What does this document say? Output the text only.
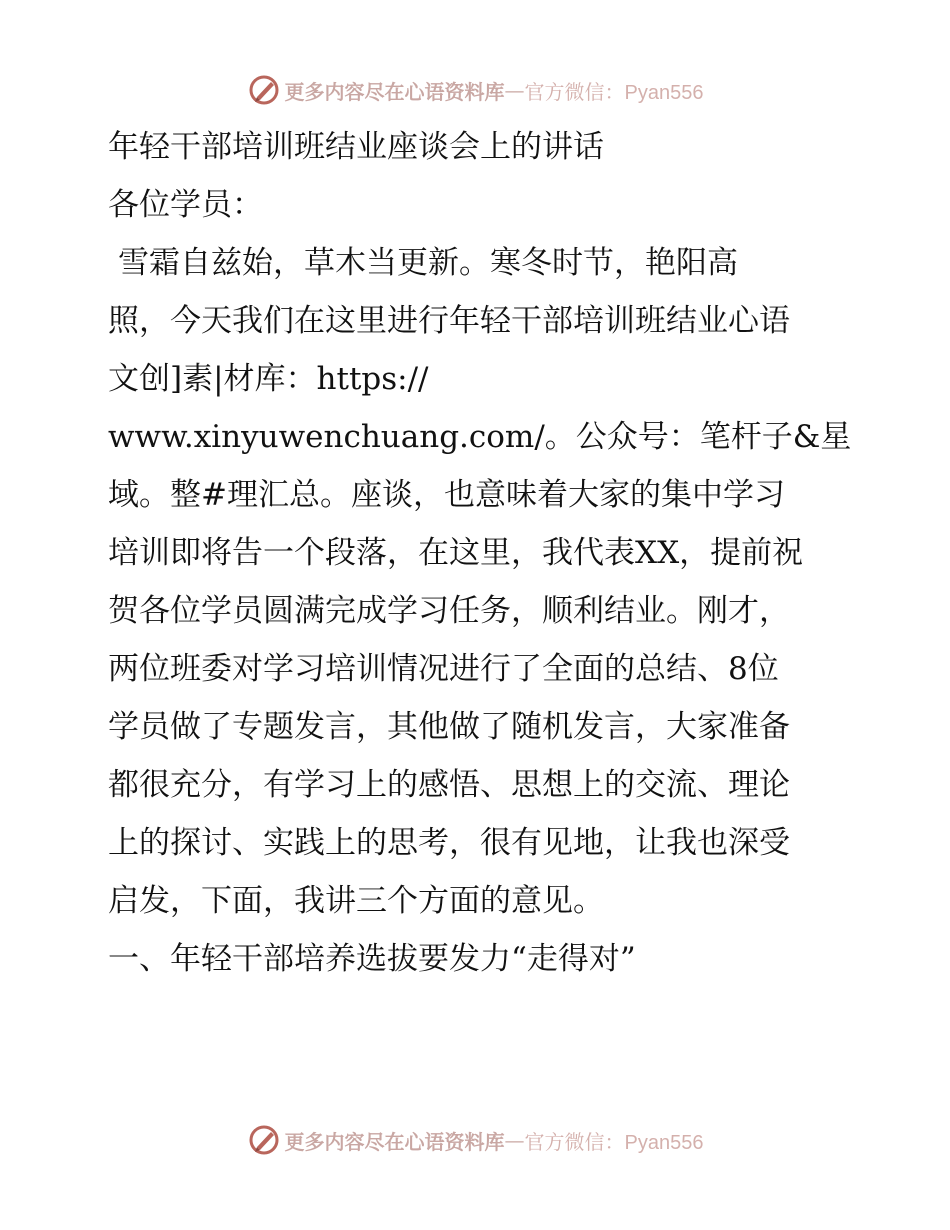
更多内容尽在心语资料库 — 官方微信：Pyan556

年轻干部培训班结业座谈会上的讲话

各位学员：

雪霜自兹始，草木当更新。寒冬时节，艳阳高
照，今天我们在这里进行年轻干部培训班结业心语
文创]素|材库：https://
www.xinyuwenchuang.com/。公众号：笔杆子&星
域。整#理汇总。座谈，也意味着大家的集中学习
培训即将告一个段落，在这里，我代表XX，提前祝
贺各位学员圆满完成学习任务，顺利结业。刚才，
两位班委对学习培训情况进行了全面的总结、8位
学员做了专题发言，其他做了随机发言，大家准备
都很充分，有学习上的感悟、思想上的交流、理论
上的探讨、实践上的思考，很有见地，让我也深受
启发，下面，我讲三个方面的意见。

一、年轻干部培养选拔要发力“走得对”

更多内容尽在心语资料库 — 官方微信：Pyan556
